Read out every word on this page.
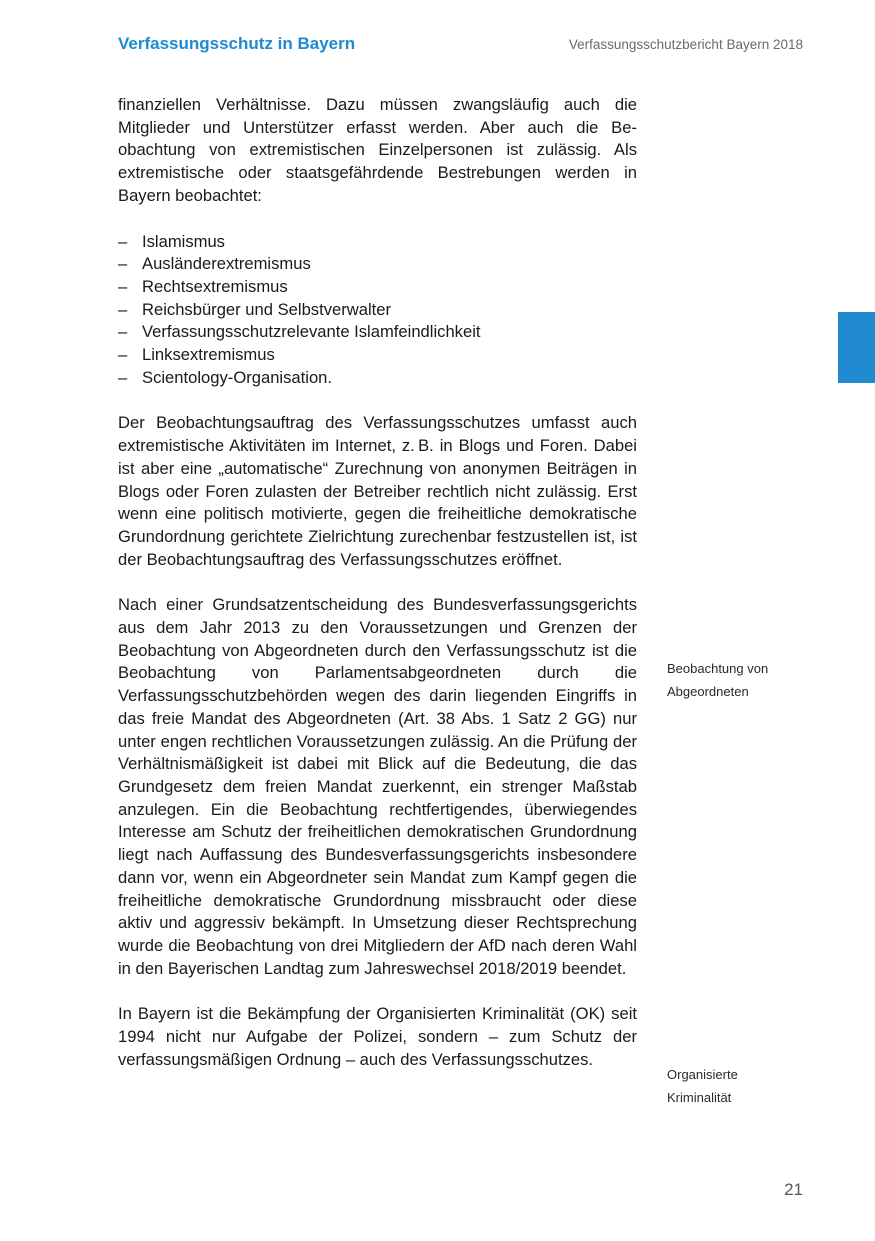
Verfassungsschutz in Bayern	Verfassungsschutzbericht Bayern 2018

finanziellen Verhältnisse. Dazu müssen zwangsläufig auch die Mitglieder und Unterstützer erfasst werden. Aber auch die Beobachtung von extremistischen Einzelpersonen ist zulässig. Als extremistische oder staatsgefährdende Bestrebungen werden in Bayern beobachtet:

– Islamismus
– Ausländerextremismus
– Rechtsextremismus
– Reichsbürger und Selbstverwalter
– Verfassungsschutzrelevante Islamfeindlichkeit
– Linksextremismus
– Scientology-Organisation.

Der Beobachtungsauftrag des Verfassungsschutzes umfasst auch extremistische Aktivitäten im Internet, z. B. in Blogs und Foren. Dabei ist aber eine „automatische“ Zurechnung von anonymen Beiträgen in Blogs oder Foren zulasten der Betreiber rechtlich nicht zulässig. Erst wenn eine politisch motivierte, gegen die freiheitliche demokratische Grundordnung gerichtete Zielrichtung zurechenbar festzustellen ist, ist der Beobachtungsauftrag des Verfassungsschutzes eröffnet.

Nach einer Grundsatzentscheidung des Bundesverfassungsgerichts aus dem Jahr 2013 zu den Voraussetzungen und Grenzen der Beobachtung von Abgeordneten durch den Verfassungsschutz ist die Beobachtung von Parlamentsabgeordneten durch die Verfassungsschutzbehörden wegen des darin liegenden Eingriffs in das freie Mandat des Abgeordneten (Art. 38 Abs. 1 Satz 2 GG) nur unter engen rechtlichen Voraussetzungen zulässig. An die Prüfung der Verhältnismäßigkeit ist dabei mit Blick auf die Bedeutung, die das Grundgesetz dem freien Mandat zuerkennt, ein strenger Maßstab anzulegen. Ein die Beobachtung rechtfertigendes, überwiegendes Interesse am Schutz der freiheitlichen demokratischen Grundordnung liegt nach Auffassung des Bundesverfassungsgerichts insbesondere dann vor, wenn ein Abgeordneter sein Mandat zum Kampf gegen die freiheitliche demokratische Grundordnung missbraucht oder diese aktiv und aggressiv bekämpft. In Umsetzung dieser Rechtsprechung wurde die Beobachtung von drei Mitgliedern der AfD nach deren Wahl in den Bayerischen Landtag zum Jahreswechsel 2018/2019 beendet.

In Bayern ist die Bekämpfung der Organisierten Kriminalität (OK) seit 1994 nicht nur Aufgabe der Polizei, sondern – zum Schutz der verfassungsmäßigen Ordnung – auch des Verfassungsschutzes.

Beobachtung von
Abgeordneten
Organisierte
Kriminalität
21
